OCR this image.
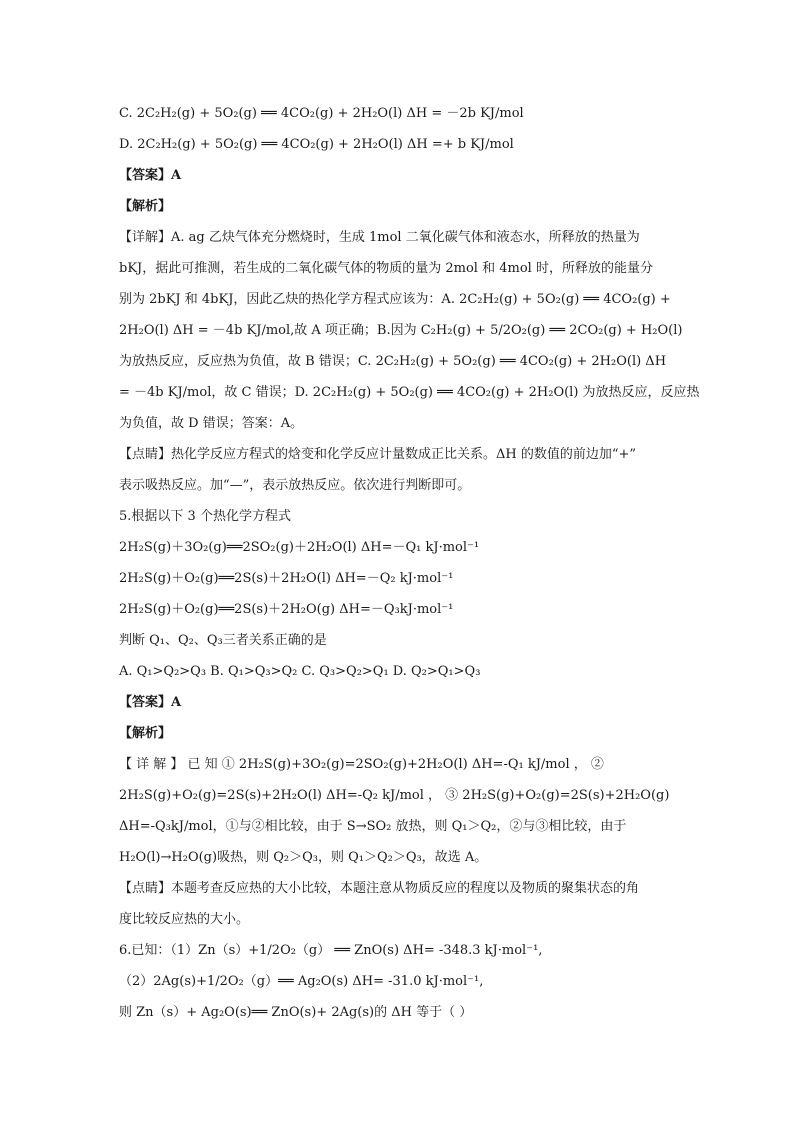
C. 2C₂H₂(g) + 5O₂(g) ══ 4CO₂(g) + 2H₂O(l) ΔH = －2b KJ/mol
D. 2C₂H₂(g) + 5O₂(g) ══ 4CO₂(g) + 2H₂O(l) ΔH =+ b KJ/mol
【答案】A
【解析】
【详解】A. ag 乙炔气体充分燃烧时，生成 1mol 二氧化碳气体和液态水，所释放的热量为
bKJ，据此可推测，若生成的二氧化碳气体的物质的量为 2mol 和 4mol 时，所释放的能量分
别为 2bKJ 和 4bKJ，因此乙炔的热化学方程式应该为：A. 2C₂H₂(g) + 5O₂(g) ══ 4CO₂(g) +
2H₂O(l) ΔH = －4b KJ/mol,故 A 项正确；B.因为 C₂H₂(g) + 5/2O₂(g) ══ 2CO₂(g) + H₂O(l)
为放热反应，反应热为负值，故 B 错误；C. 2C₂H₂(g) + 5O₂(g) ══ 4CO₂(g) + 2H₂O(l) ΔH
= －4b KJ/mol，故 C 错误；D. 2C₂H₂(g) + 5O₂(g) ══ 4CO₂(g) + 2H₂O(l) 为放热反应，反应热
为负值，故 D 错误；答案：A。
【点睛】热化学反应方程式的焓变和化学反应计量数成正比关系。ΔH 的数值的前边加“+”
表示吸热反应。加“—”，表示放热反应。依次进行判断即可。
5.根据以下 3 个热化学方程式
2H₂S(g)＋3O₂(g)══2SO₂(g)＋2H₂O(l) ΔH=－Q₁ kJ·mol⁻¹
2H₂S(g)＋O₂(g)══2S(s)＋2H₂O(l) ΔH=－Q₂ kJ·mol⁻¹
2H₂S(g)＋O₂(g)══2S(s)＋2H₂O(g) ΔH=－Q₃kJ·mol⁻¹
判断 Q₁、Q₂、Q₃三者关系正确的是
A. Q₁>Q₂>Q₃ B. Q₁>Q₃>Q₂ C. Q₃>Q₂>Q₁ D. Q₂>Q₁>Q₃
【答案】A
【解析】
【 详 解 】 已 知 ① 2H₂S(g)+3O₂(g)=2SO₂(g)+2H₂O(l) ΔH=-Q₁ kJ/mol ， ②
2H₂S(g)+O₂(g)=2S(s)+2H₂O(l) ΔH=-Q₂ kJ/mol ， ③ 2H₂S(g)+O₂(g)=2S(s)+2H₂O(g)
ΔH=-Q₃kJ/mol，①与②相比较，由于 S→SO₂ 放热，则 Q₁＞Q₂，②与③相比较，由于
H₂O(l)→H₂O(g)吸热，则 Q₂＞Q₃，则 Q₁＞Q₂＞Q₃，故选 A。
【点睛】本题考查反应热的大小比较，本题注意从物质反应的程度以及物质的聚集状态的角
度比较反应热的大小。
6.已知：（1）Zn（s）+1/2O₂（g） ══ ZnO(s) ΔH= -348.3 kJ·mol⁻¹,
（2）2Ag(s)+1/2O₂（g）══ Ag₂O(s) ΔH= -31.0 kJ·mol⁻¹,
则 Zn（s）+ Ag₂O(s)══ ZnO(s)+ 2Ag(s)的 ΔH 等于（ ）
